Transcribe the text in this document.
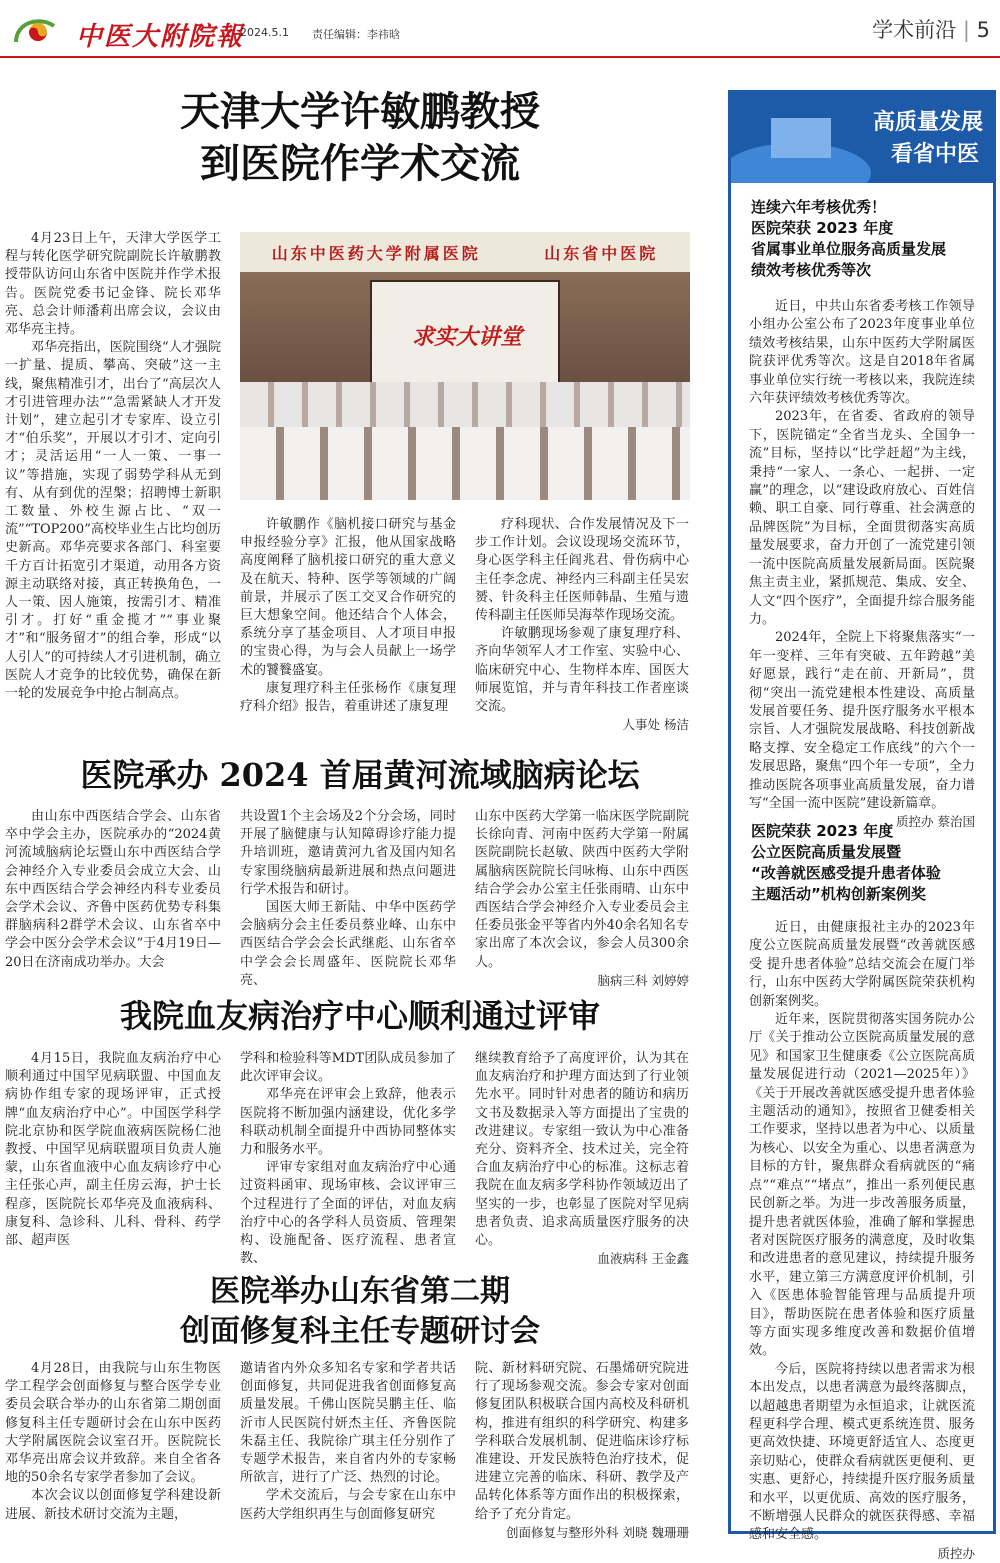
中医大附院報
2024.5.1 责任编辑：李祎晗	学术前沿 | 5
天津大学许敏鹏教授
到医院作学术交流

4月23日上午，天津大学医学工程与转化医学研究院副院长许敏鹏教授带队访问山东省中医院并作学术报告。医院党委书记金锋、院长邓华亮、总会计师潘莉出席会议，会议由邓华亮主持。

邓华亮指出，医院围绕“人才强院一扩量、提质、攀高、突破”这一主线，聚焦精准引才，出台了“高层次人才引进管理办法”“急需紧缺人才开发计划”，建立起引才专家库、设立引才“伯乐奖”，开展以才引才、定向引才；灵活运用“一人一策、一事一议”等措施，实现了弱势学科从无到有、从有到优的涅槃；招聘博士新职工数量、外校生源占比、“双一流”“TOP200”高校毕业生占比均创历史新高。邓华亮要求各部门、科室要千方百计拓宽引才渠道，动用各方资源主动联络对接，真正转换角色，一人一策、因人施策，按需引才、精准引才。打好“重金揽才”“事业聚才”和“服务留才”的组合拳，形成“以人引人”的可持续人才引进机制，确立医院人才竞争的比较优势，确保在新一轮的发展竞争中抢占制高点。

山东中医药大学附属医院	山东省中医院
求实大讲堂

许敏鹏作《脑机接口研究与基金申报经验分享》汇报，他从国家战略高度阐释了脑机接口研究的重大意义及在航天、特种、医学等领域的广阔前景，并展示了医工交叉合作研究的巨大想象空间。他还结合个人体会，系统分享了基金项目、人才项目申报的宝贵心得，为与会人员献上一场学术的饕餮盛宴。

康复理疗科主任张杨作《康复理疗科介绍》报告，着重讲述了康复理

疗科现状、合作发展情况及下一步工作计划。会议设现场交流环节，身心医学科主任阎兆君、骨伤病中心主任李念虎、神经内三科副主任吴宏赟、针灸科主任医师韩晶、生殖与遗传科副主任医师吴海萃作现场交流。

许敏鹏现场参观了康复理疗科、齐向华领军人才工作室、实验中心、临床研究中心、生物样本库、国医大师展览馆，并与青年科技工作者座谈交流。

人事处 杨洁
医院承办 2024 首届黄河流域脑病论坛

由山东中西医结合学会、山东省卒中学会主办，医院承办的“2024黄河流域脑病论坛暨山东中西医结合学会神经介入专业委员会成立大会、山东中西医结合学会神经内科专业委员会学术会议、齐鲁中医药优势专科集群脑病科2群学术会议、山东省卒中学会中医分会学术会议”于4月19日—20日在济南成功举办。大会

共设置1个主会场及2个分会场，同时开展了脑健康与认知障碍诊疗能力提升培训班，邀请黄河九省及国内知名专家围绕脑病最新进展和热点问题进行学术报告和研讨。

国医大师王新陆、中华中医药学会脑病分会主任委员蔡业峰、山东中西医结合学会会长武继彪、山东省卒中学会会长周盛年、医院院长邓华亮、

山东中医药大学第一临床医学院副院长徐向青、河南中医药大学第一附属医院副院长赵敏、陕西中医药大学附属脑病医院院长闫咏梅、山东中西医结合学会办公室主任张雨晴、山东中西医结合学会神经介入专业委员会主任委员张金平等省内外40余名知名专家出席了本次会议，参会人员300余人。

脑病三科 刘婷婷
我院血友病治疗中心顺利通过评审

4月15日，我院血友病治疗中心顺利通过中国罕见病联盟、中国血友病协作组专家的现场评审，正式授牌“血友病治疗中心”。中国医学科学院北京协和医学院血液病医院杨仁池教授、中国罕见病联盟项目负责人施蒙，山东省血液中心血友病诊疗中心主任张心声，副主任房云海，护士长程彦，医院院长邓华亮及血液病科、康复科、急诊科、儿科、骨科、药学部、超声医

学科和检验科等MDT团队成员参加了此次评审会议。

邓华亮在评审会上致辞，他表示医院将不断加强内涵建设，优化多学科联动机制全面提升中西协同整体实力和服务水平。

评审专家组对血友病治疗中心通过资料函审、现场审核、会议评审三个过程进行了全面的评估，对血友病治疗中心的各学科人员资质、管理架构、设施配备、医疗流程、患者宣教、

继续教育给予了高度评价，认为其在血友病治疗和护理方面达到了行业领先水平。同时针对患者的随访和病历文书及数据录入等方面提出了宝贵的改进建议。专家组一致认为中心准备充分、资料齐全、技术过关，完全符合血友病治疗中心的标准。这标志着我院在血友病多学科协作领域迈出了坚实的一步，也彰显了医院对罕见病患者负责、追求高质量医疗服务的决心。

血液病科 王金鑫
医院举办山东省第二期
创面修复科主任专题研讨会

4月28日，由我院与山东生物医学工程学会创面修复与整合医学专业委员会联合举办的山东省第二期创面修复科主任专题研讨会在山东中医药大学附属医院会议室召开。医院院长邓华亮出席会议并致辞。来自全省各地的50余名专家学者参加了会议。

本次会议以创面修复学科建设新进展、新技术研讨交流为主题，

邀请省内外众多知名专家和学者共话创面修复，共同促进我省创面修复高质量发展。千佛山医院吴鹏主任、临沂市人民医院付妍杰主任、齐鲁医院朱磊主任、我院徐广琪主任分别作了专题学术报告，来自省内外的专家畅所欲言，进行了广泛、热烈的讨论。

学术交流后，与会专家在山东中医药大学组织再生与创面修复研究

院、新材料研究院、石墨烯研究院进行了现场参观交流。参会专家对创面修复团队积极联合国内高校及科研机构，推进有组织的科学研究、构建多学科联合发展机制、促进临床诊疗标准建设、开发民族特色治疗技术，促进建立完善的临床、科研、教学及产品转化体系等方面作出的积极探索，给予了充分肯定。

创面修复与整形外科 刘晓 魏珊珊
高质量发展
看省中医
连续六年考核优秀！
医院荣获 2023 年度
省属事业单位服务高质量发展
绩效考核优秀等次

近日，中共山东省委考核工作领导小组办公室公布了2023年度事业单位绩效考核结果，山东中医药大学附属医院获评优秀等次。这是自2018年省属事业单位实行统一考核以来，我院连续六年获评绩效考核优秀等次。

2023年，在省委、省政府的领导下，医院锚定“全省当龙头、全国争一流”目标，坚持以“比学赶超”为主线，秉持“一家人、一条心、一起拼、一定赢”的理念，以“建设政府放心、百姓信赖、职工自豪、同行尊重、社会满意的品牌医院”为目标，全面贯彻落实高质量发展要求，奋力开创了一流党建引领一流中医院高质量发展新局面。医院聚焦主责主业，紧抓规范、集成、安全、人文“四个医疗”，全面提升综合服务能力。

2024年，全院上下将聚焦落实“一年一变样、三年有突破、五年跨越”美好愿景，践行“走在前、开新局”，贯彻“突出一流党建根本性建设、高质量发展首要任务、提升医疗服务水平根本宗旨、人才强院发展战略、科技创新战略支撑、安全稳定工作底线”的六个一发展思路，聚焦“四个年一专项”，全力推动医院各项事业高质量发展，奋力谱写“全国一流中医院”建设新篇章。

质控办 蔡治国
医院荣获 2023 年度
公立医院高质量发展暨
“改善就医感受提升患者体验
主题活动”机构创新案例奖

近日，由健康报社主办的2023年度公立医院高质量发展暨“改善就医感受 提升患者体验”总结交流会在厦门举行，山东中医药大学附属医院荣获机构创新案例奖。

近年来，医院贯彻落实国务院办公厅《关于推动公立医院高质量发展的意见》和国家卫生健康委《公立医院高质量发展促进行动（2021—2025年）》《关于开展改善就医感受提升患者体验主题活动的通知》，按照省卫健委相关工作要求，坚持以患者为中心、以质量为核心、以安全为重心、以患者满意为目标的方针，聚焦群众看病就医的“痛点”“难点”“堵点”，推出一系列便民惠民创新之举。为进一步改善服务质量，提升患者就医体验，准确了解和掌握患者对医院医疗服务的满意度，及时收集和改进患者的意见建议，持续提升服务水平，建立第三方满意度评价机制，引入《医患体验智能管理与品质提升项目》，帮助医院在患者体验和医疗质量等方面实现多维度改善和数据价值增效。

今后，医院将持续以患者需求为根本出发点，以患者满意为最终落脚点，以超越患者期望为永恒追求，让就医流程更科学合理、模式更系统连贯、服务更高效快捷、环境更舒适宜人、态度更亲切贴心，使群众看病就医更便利、更实惠、更舒心，持续提升医疗服务质量和水平，以更优质、高效的医疗服务，不断增强人民群众的就医获得感、幸福感和安全感。

质控办
